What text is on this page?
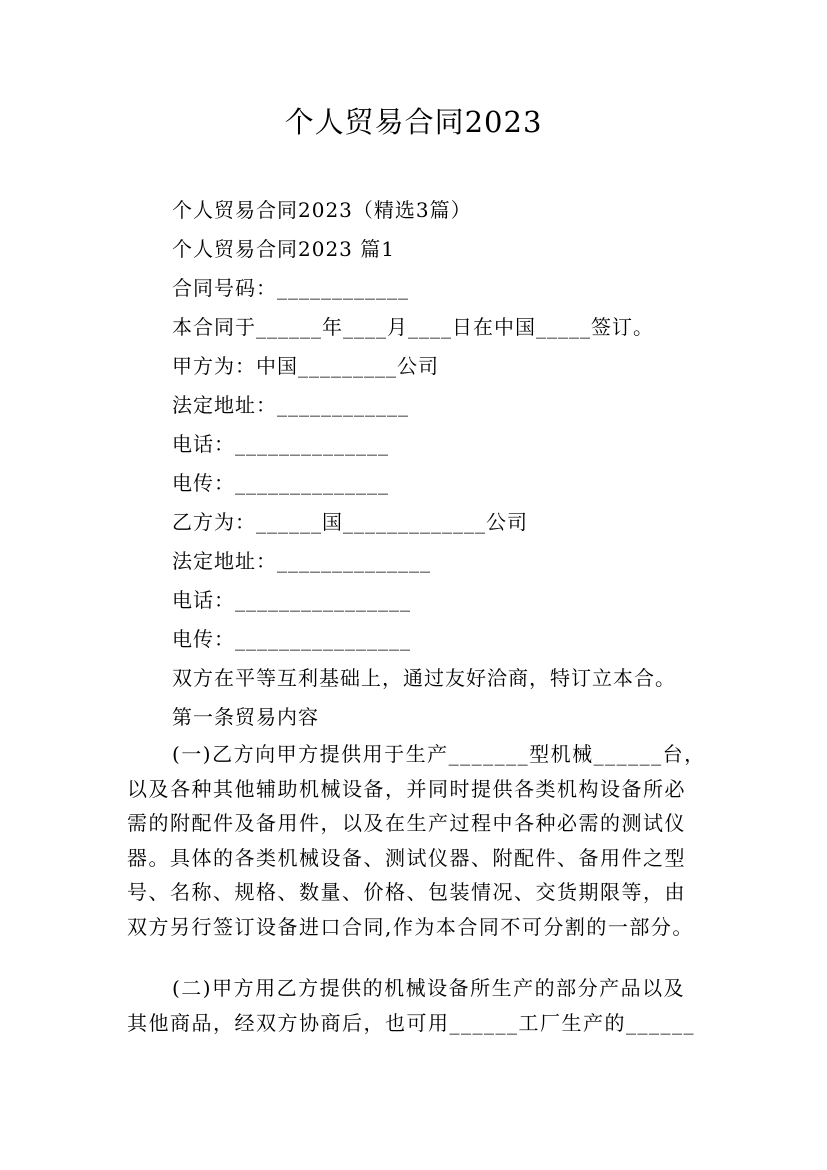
个人贸易合同2023
个人贸易合同2023（精选3篇）
个人贸易合同2023 篇1
合同号码：____________
本合同于______年____月____日在中国_____签订。
甲方为：中国_________公司
法定地址：____________
电话：______________
电传：______________
乙方为：______国_____________公司
法定地址：______________
电话：________________
电传：________________
双方在平等互利基础上，通过友好洽商，特订立本合。
第一条贸易内容
(一)乙方向甲方提供用于生产_______型机械______台，
以及各种其他辅助机械设备，并同时提供各类机构设备所必
需的附配件及备用件，以及在生产过程中各种必需的测试仪
器。具体的各类机械设备、测试仪器、附配件、备用件之型
号、名称、规格、数量、价格、包装情况、交货期限等，由
双方另行签订设备进口合同,作为本合同不可分割的一部分。
(二)甲方用乙方提供的机械设备所生产的部分产品以及
其他商品，经双方协商后，也可用______工厂生产的______
